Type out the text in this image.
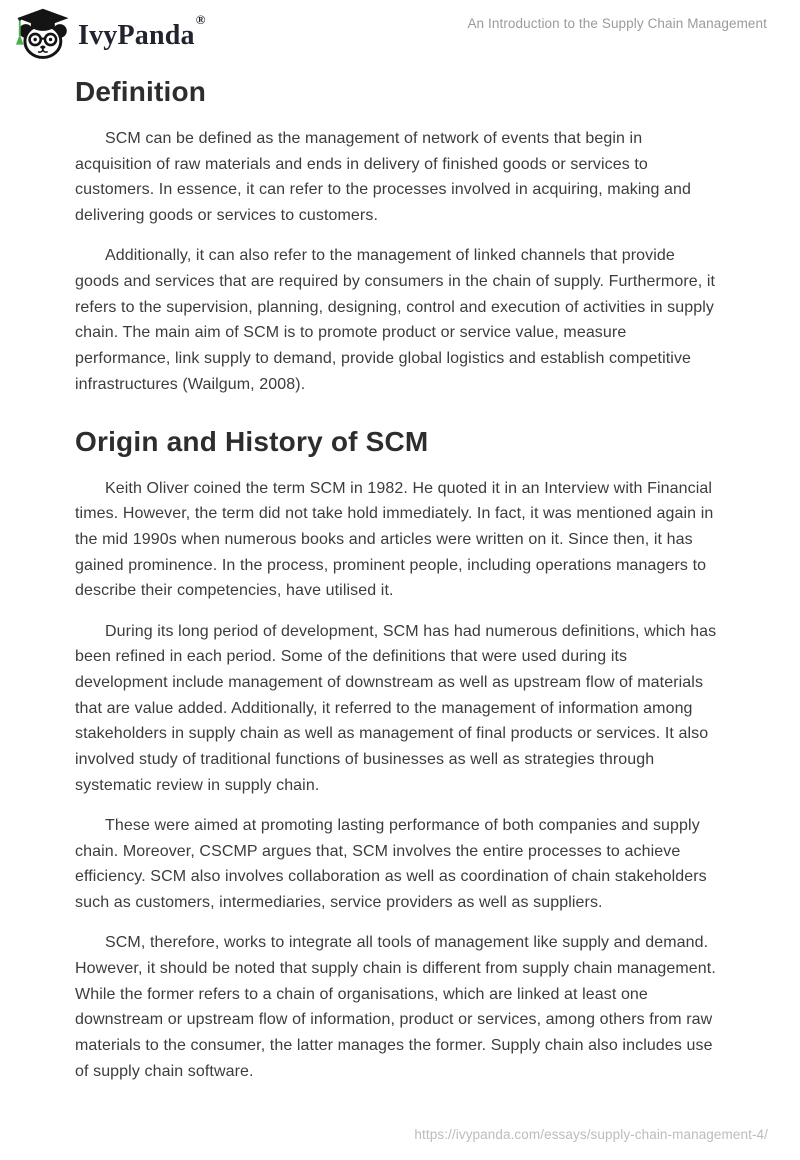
IvyPanda®	An Introduction to the Supply Chain Management
Definition

SCM can be defined as the management of network of events that begin in acquisition of raw materials and ends in delivery of finished goods or services to customers. In essence, it can refer to the processes involved in acquiring, making and delivering goods or services to customers.

Additionally, it can also refer to the management of linked channels that provide goods and services that are required by consumers in the chain of supply. Furthermore, it refers to the supervision, planning, designing, control and execution of activities in supply chain. The main aim of SCM is to promote product or service value, measure performance, link supply to demand, provide global logistics and establish competitive infrastructures (Wailgum, 2008).

Origin and History of SCM

Keith Oliver coined the term SCM in 1982. He quoted it in an Interview with Financial times. However, the term did not take hold immediately. In fact, it was mentioned again in the mid 1990s when numerous books and articles were written on it. Since then, it has gained prominence. In the process, prominent people, including operations managers to describe their competencies, have utilised it.

During its long period of development, SCM has had numerous definitions, which has been refined in each period. Some of the definitions that were used during its development include management of downstream as well as upstream flow of materials that are value added. Additionally, it referred to the management of information among stakeholders in supply chain as well as management of final products or services. It also involved study of traditional functions of businesses as well as strategies through systematic review in supply chain.

These were aimed at promoting lasting performance of both companies and supply chain. Moreover, CSCMP argues that, SCM involves the entire processes to achieve efficiency. SCM also involves collaboration as well as coordination of chain stakeholders such as customers, intermediaries, service providers as well as suppliers.

SCM, therefore, works to integrate all tools of management like supply and demand. However, it should be noted that supply chain is different from supply chain management. While the former refers to a chain of organisations, which are linked at least one downstream or upstream flow of information, product or services, among others from raw materials to the consumer, the latter manages the former. Supply chain also includes use of supply chain software.

https://ivypanda.com/essays/supply-chain-management-4/
